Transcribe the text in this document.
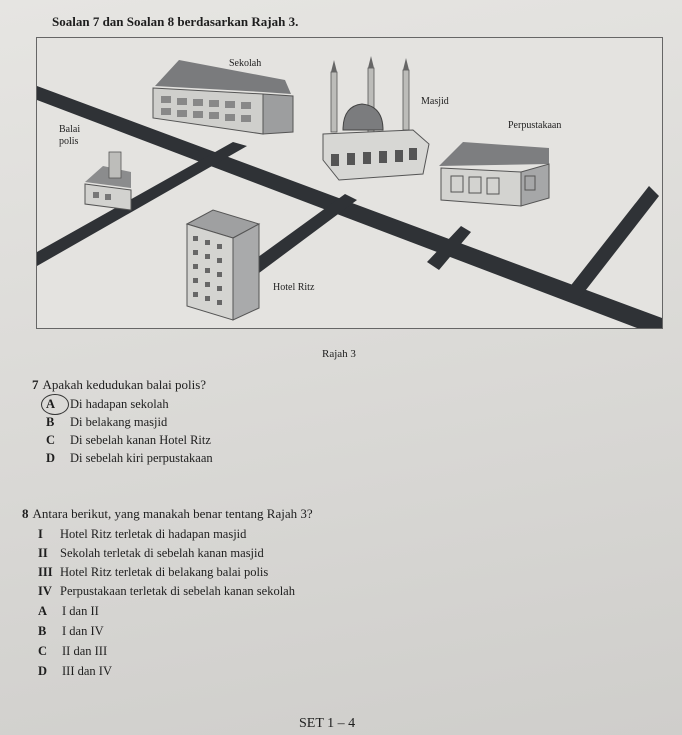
Soalan 7 dan Soalan 8 berdasarkan Rajah 3.
Sekolah
Masjid
Balai
polis
Perpustakaan
Hotel Ritz
Rajah 3
7 Apakah kedudukan balai polis?
A Di hadapan sekolah
B Di belakang masjid
C Di sebelah kanan Hotel Ritz
D Di sebelah kiri perpustakaan
8 Antara berikut, yang manakah benar tentang Rajah 3?
I Hotel Ritz terletak di hadapan masjid
II Sekolah terletak di sebelah kanan masjid
III Hotel Ritz terletak di belakang balai polis
IV Perpustakaan terletak di sebelah kanan sekolah
A I dan II
B I dan IV
C II dan III
D III dan IV
SET 1 – 4
